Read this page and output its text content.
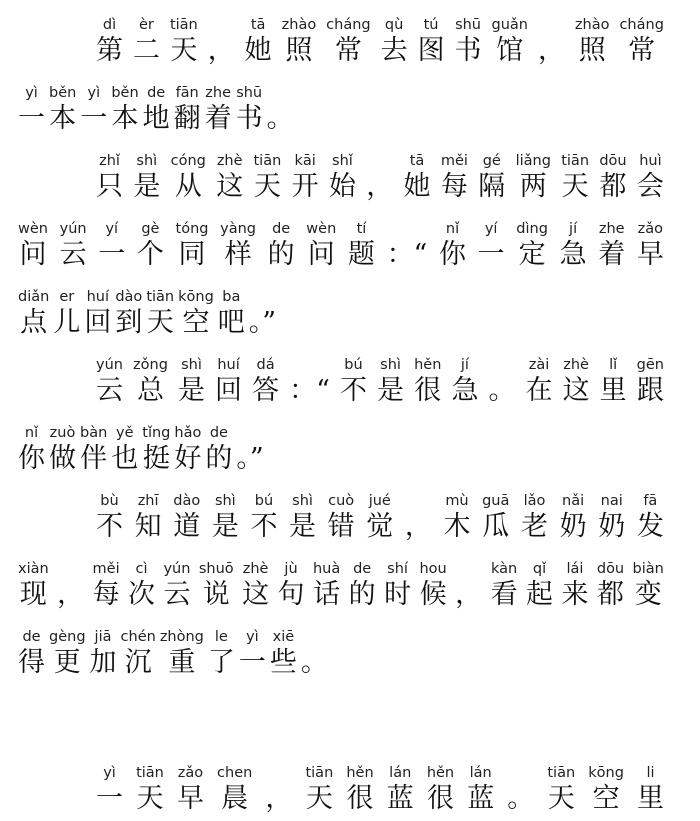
dì
第
èr
二
tiān
天 ，
tā
她
zhào
照
cháng
常
qù
去
tú
图
shū
书
guǎn
馆 ，
zhào
照
cháng
常
yì
一
běn
本
yì
一
běn
本
de
地
fān
翻
zhe
着
shū
书 。
zhǐ
只
shì
是
cóng
从
zhè
这
tiān
天
kāi
开
shǐ
始 ，
tā
她
měi
每
gé
隔
liǎng
两
tiān
天
dōu
都
huì
会
wèn
问
yún
云
yí
一
gè
个
tóng
同
yàng
样
de
的
wèn
问
tí
题 ：“
nǐ
你
yí
一
dìng
定
jí
急
zhe
着
zǎo
早
diǎn
点
er
儿
huí
回
dào
到
tiān
天
kōng
空
ba
吧 。”
yún
云
zǒng
总
shì
是
huí
回
dá
答 ：“
bú
不
shì
是
hěn
很
jí
急 。
zài
在
zhè
这
lǐ
里
gēn
跟
nǐ
你
zuò
做
bàn
伴
yě
也
tǐng
挺
hǎo
好
de
的 。”
bù
不
zhī
知
dào
道
shì
是
bú
不
shì
是
cuò
错
jué
觉 ，
mù
木
guā
瓜
lǎo
老
nǎi
奶
nai
奶
fā
发
xiàn
现 ，
měi
每
cì
次
yún
云
shuō
说
zhè
这
jù
句
huà
话
de
的
shí
时
hou
候 ，
kàn
看
qǐ
起
lái
来
dōu
都
biàn
变
de
得
gèng
更
jiā
加
chén
沉
zhòng
重
le
了
yì
一
xiē
些 。
yì
一
tiān
天
zǎo
早
chen
晨 ，
tiān
天
hěn
很
lán
蓝
hěn
很
lán
蓝 。
tiān
天
kōng
空
li
里
